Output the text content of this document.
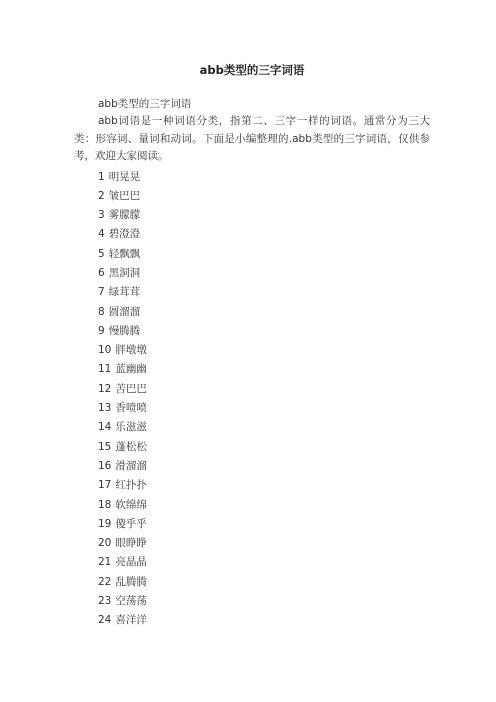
abb类型的三字词语

abb类型的三字词语

abb词语是一种词语分类，指第二、三字一样的词语。通常分为三大类：形容词、量词和动词。下面是小编整理的.abb类型的三字词语，仅供参考，欢迎大家阅读。

1 明晃晃
2 皱巴巴
3 雾朦朦
4 碧澄澄
5 轻飘飘
6 黑洞洞
7 绿茸茸
8 圆溜溜
9 慢腾腾
10 胖墩墩
11 蓝幽幽
12 苦巴巴
13 香喷喷
14 乐滋滋
15 蓬松松
16 滑溜溜
17 红扑扑
18 软绵绵
19 傻乎乎
20 眼睁睁
21 亮晶晶
22 乱腾腾
23 空荡荡
24 喜洋洋
